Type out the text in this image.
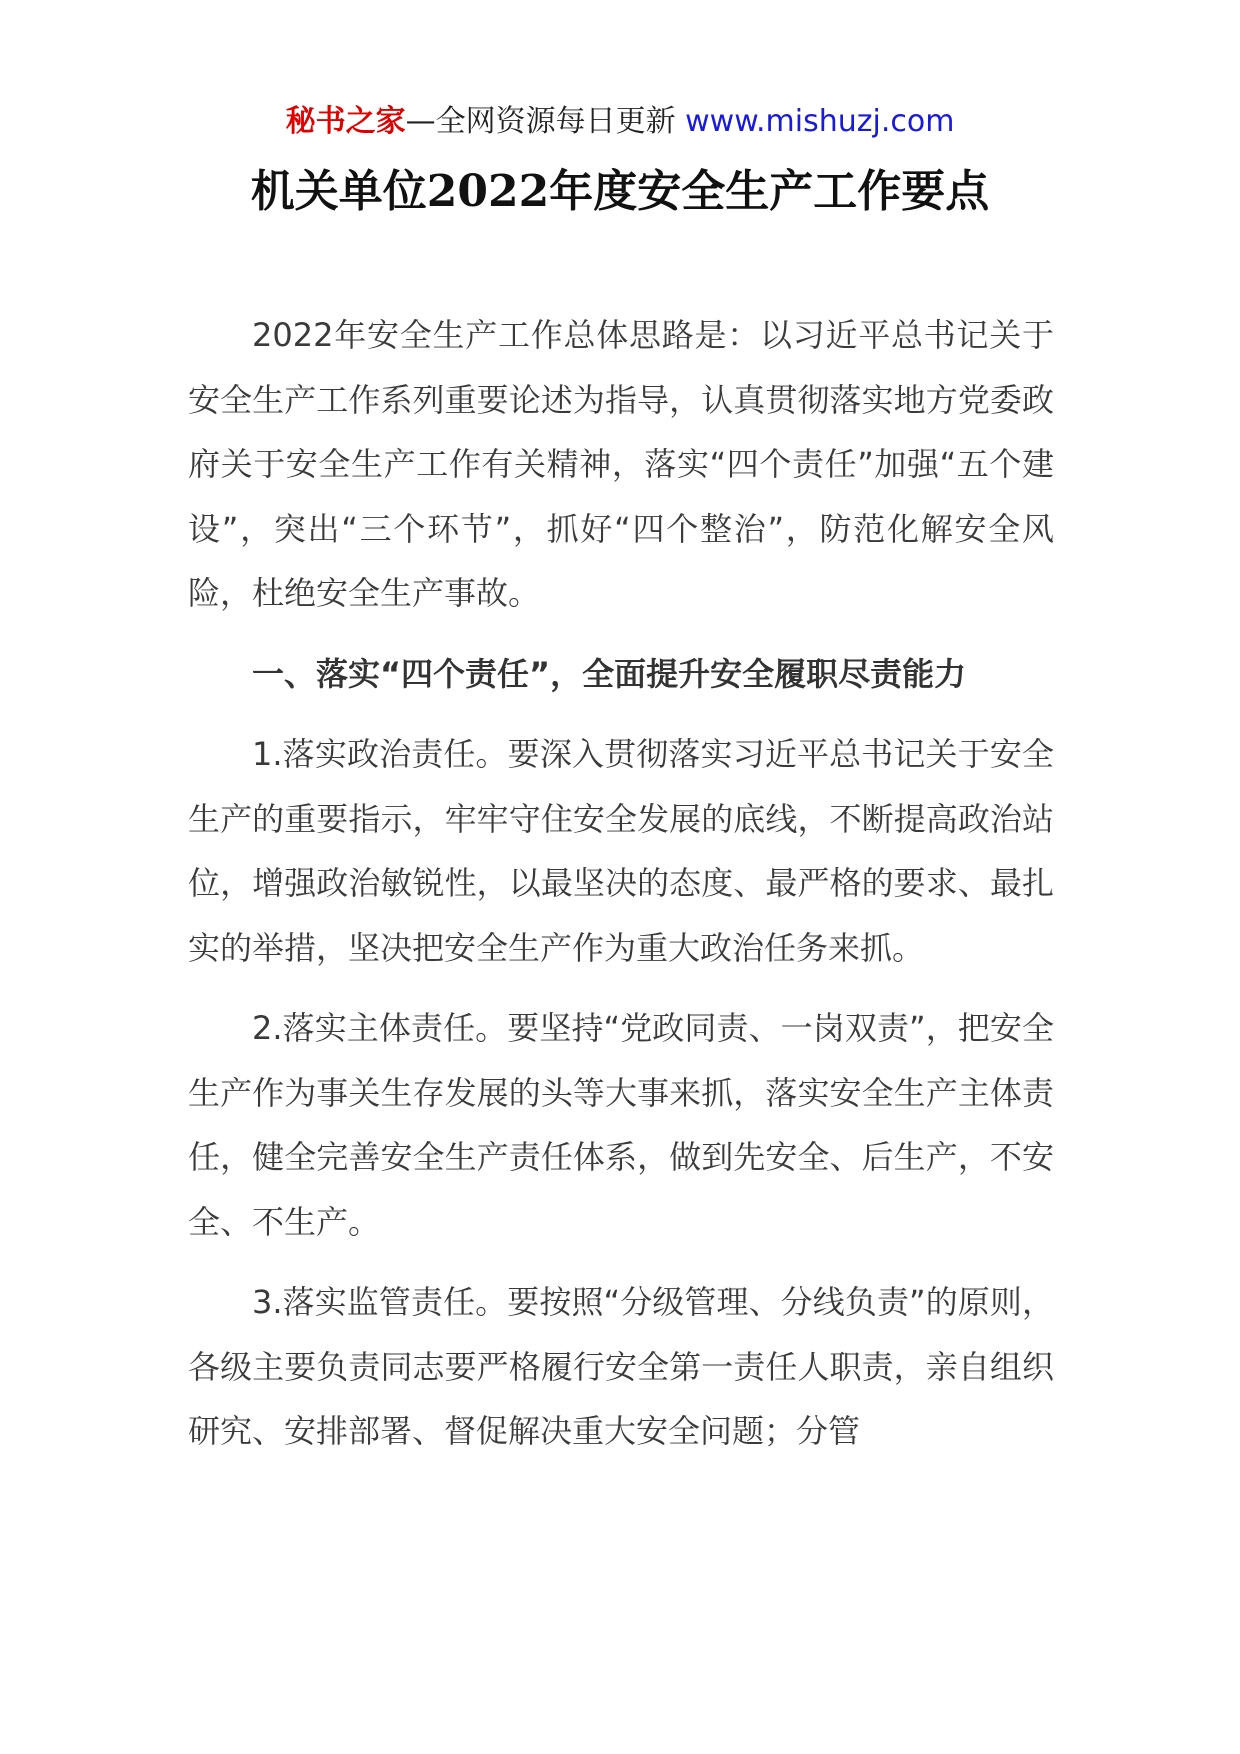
秘书之家—全网资源每日更新 www.mishuzj.com
机关单位2022年度安全生产工作要点

2022年安全生产工作总体思路是：以习近平总书记关于安全生产工作系列重要论述为指导，认真贯彻落实地方党委政府关于安全生产工作有关精神，落实“四个责任”加强“五个建设”，突出“三个环节”，抓好“四个整治”，防范化解安全风险，杜绝安全生产事故。

一、落实“四个责任”，全面提升安全履职尽责能力

1.落实政治责任。要深入贯彻落实习近平总书记关于安全生产的重要指示，牢牢守住安全发展的底线，不断提高政治站位，增强政治敏锐性，以最坚决的态度、最严格的要求、最扎实的举措，坚决把安全生产作为重大政治任务来抓。

2.落实主体责任。要坚持“党政同责、一岗双责”，把安全生产作为事关生存发展的头等大事来抓，落实安全生产主体责任，健全完善安全生产责任体系，做到先安全、后生产，不安全、不生产。

3.落实监管责任。要按照“分级管理、分线负责”的原则，各级主要负责同志要严格履行安全第一责任人职责，亲自组织研究、安排部署、督促解决重大安全问题；分管
